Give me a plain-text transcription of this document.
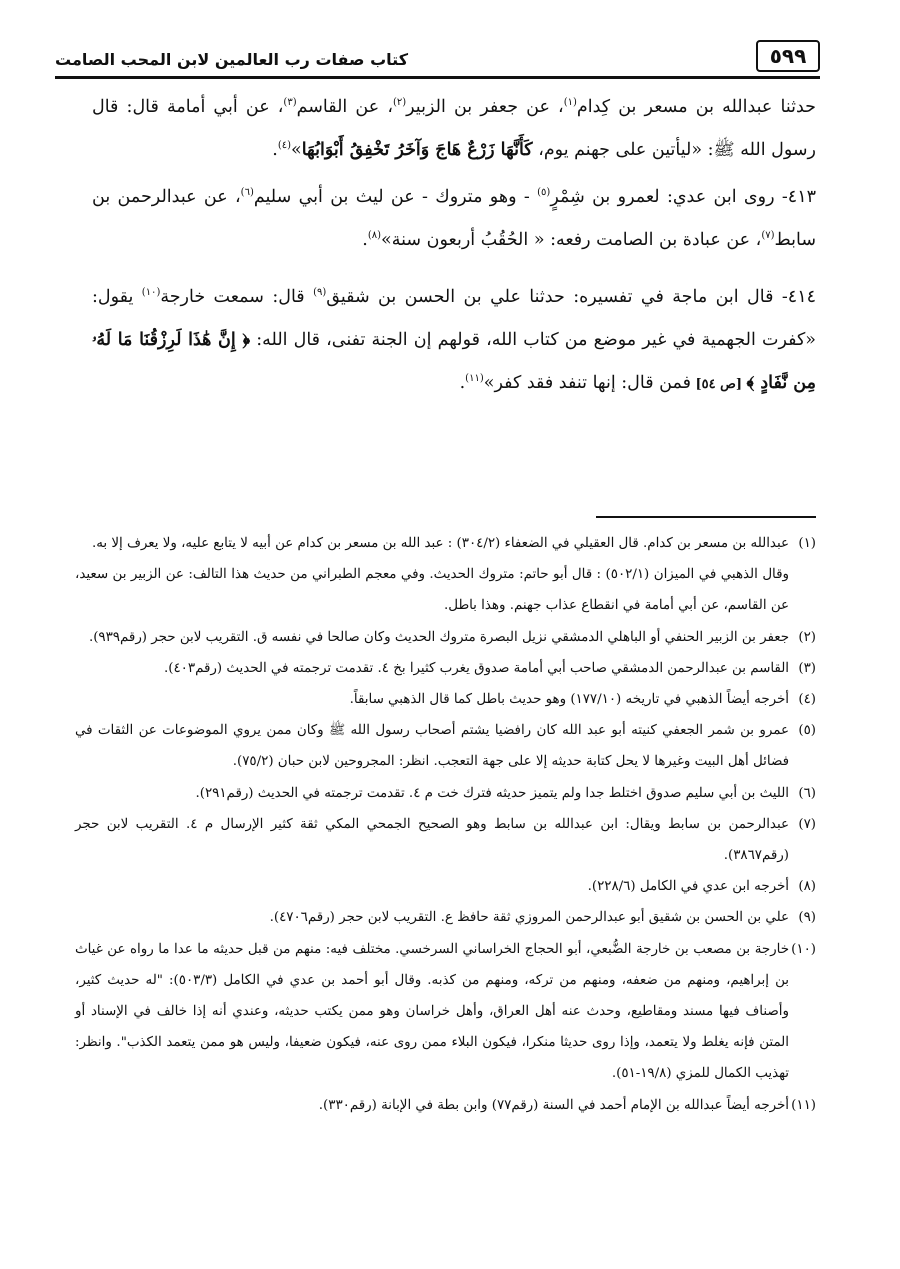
٥٩٩
كتاب صفات رب العالمين لابن المحب الصامت

حدثنا عبدالله بن مسعر بن كِدام$^{(١)}$، عن جعفر بن الزبير$^{(٢)}$، عن القاسم$^{(٣)}$، عن أبي أمامة قال: قال رسول الله ﷺ: «ليأتين على جهنم يوم، كَأَنَّهَا زَرْعٌ هَاجَ وَآخَرُ تَخْفِقُ أَبْوَابُهَا»$^{(٤)}$.

٤١٣- روى ابن عدي: لعمرو بن شِمْرٍ$^{(٥)}$ - وهو متروك - عن ليث بن أبي سليم$^{(٦)}$، عن عبدالرحمن بن سابط$^{(٧)}$، عن عبادة بن الصامت رفعه: « الحُقُبُ أربعون سنة»$^{(٨)}$.

٤١٤- قال ابن ماجة في تفسيره: حدثنا علي بن الحسن بن شقيق$^{(٩)}$ قال: سمعت خارجة$^{(١٠)}$ يقول: «كفرت الجهمية في غير موضع من كتاب الله، قولهم إن الجنة تفنى، قال الله: ﴿ إِنَّ هَٰذَا لَرِزْقُنَا مَا لَهُۥ مِن نَّفَادٍ ﴾ [ص ٥٤] فمن قال: إنها تنفد فقد كفر»$^{(١١)}$.

(١)
عبدالله بن مسعر بن كدام. قال العقيلي في الضعفاء (٣٠٤/٢) : عبد الله بن مسعر بن كدام عن أبيه لا يتابع عليه، ولا يعرف إلا به.

وقال الذهبي في الميزان (٥٠٢/١) : قال أبو حاتم: متروك الحديث. وفي معجم الطبراني من حديث هذا التالف: عن الزبير بن سعيد، عن القاسم، عن أبي أمامة في انقطاع عذاب جهنم. وهذا باطل.

(٢)
جعفر بن الزبير الحنفي أو الباهلي الدمشقي نزيل البصرة متروك الحديث وكان صالحا في نفسه ق. التقريب لابن حجر (رقم٩٣٩).

(٣)
القاسم بن عبدالرحمن الدمشقي صاحب أبي أمامة صدوق يغرب كثيرا بخ ٤. تقدمت ترجمته في الحديث (رقم٤٠٣).

(٤)
أخرجه أيضاً الذهبي في تاريخه (١٧٧/١٠) وهو حديث باطل كما قال الذهبي سابقاً.

(٥)
عمرو بن شمر الجعفي كنيته أبو عبد الله كان رافضيا يشتم أصحاب رسول الله ﷺ وكان ممن يروي الموضوعات عن الثقات في فضائل أهل البيت وغيرها لا يحل كتابة حديثه إلا على جهة التعجب. انظر: المجروحين لابن حبان (٧٥/٢).

(٦)
الليث بن أبي سليم صدوق اختلط جدا ولم يتميز حديثه فترك خت م ٤. تقدمت ترجمته في الحديث (رقم٢٩١).

(٧)
عبدالرحمن بن سابط ويقال: ابن عبدالله بن سابط وهو الصحيح الجمحي المكي ثقة كثير الإرسال م ٤. التقريب لابن حجر (رقم٣٨٦٧).

(٨)
أخرجه ابن عدي في الكامل (٢٢٨/٦).

(٩)
علي بن الحسن بن شقيق أبو عبدالرحمن المروزي ثقة حافظ ع. التقريب لابن حجر (رقم٤٧٠٦).

(١٠)
خارجة بن مصعب بن خارجة الضُّبعي، أبو الحجاج الخراساني السرخسي. مختلف فيه: منهم من قبل حديثه ما عدا ما رواه عن غياث بن إبراهيم، ومنهم من ضعفه، ومنهم من تركه، ومنهم من كذبه. وقال أبو أحمد بن عدي في الكامل (٥٠٣/٣): "له حديث كثير، وأصناف فيها مسند ومقاطيع، وحدث عنه أهل العراق، وأهل خراسان وهو ممن يكتب حديثه، وعندي أنه إذا خالف في الإسناد أو المتن فإنه يغلط ولا يتعمد، وإذا روى حديثا منكرا، فيكون البلاء ممن روى عنه، فيكون ضعيفا، وليس هو ممن يتعمد الكذب". وانظر: تهذيب الكمال للمزي (١٩/٨-٥١).

(١١)
أخرجه أيضاً عبدالله بن الإمام أحمد في السنة (رقم٧٧) وابن بطة في الإبانة (رقم٣٣٠).
